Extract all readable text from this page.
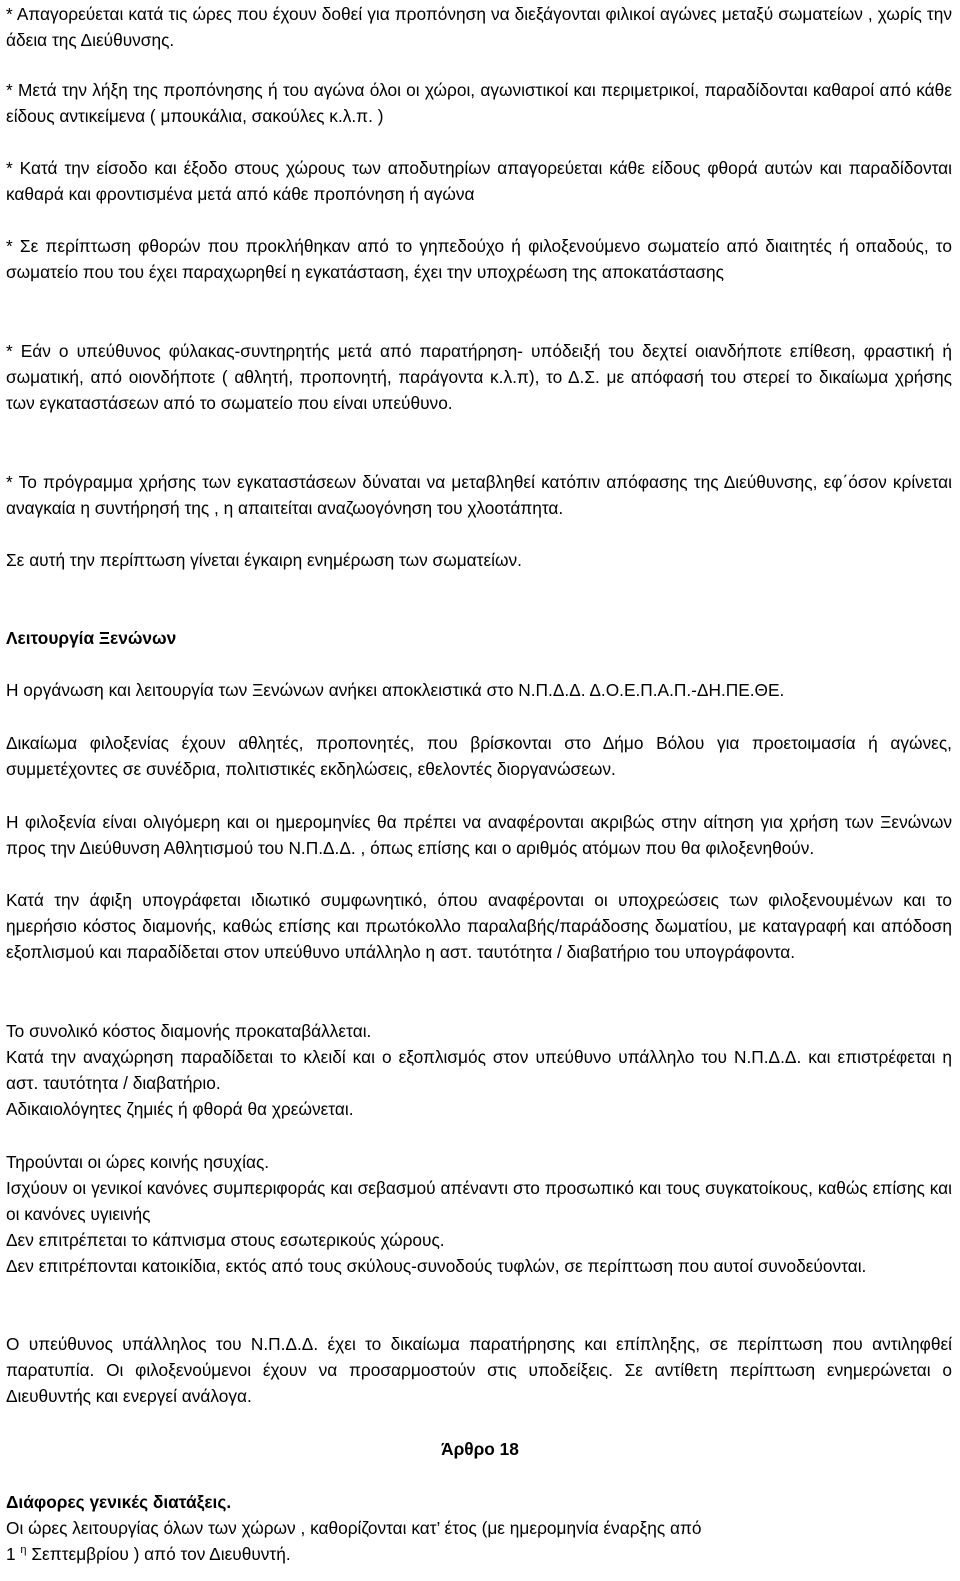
* Απαγορεύεται κατά τις ώρες που έχουν δοθεί για προπόνηση να διεξάγονται φιλικοί αγώνες μεταξύ σωματείων , χωρίς την άδεια της Διεύθυνσης.

* Μετά την λήξη της προπόνησης ή του αγώνα όλοι οι χώροι, αγωνιστικοί και περιμετρικοί, παραδίδονται καθαροί από κάθε είδους αντικείμενα ( μπουκάλια, σακούλες κ.λ.π. )

* Κατά την είσοδο και έξοδο στους χώρους των αποδυτηρίων απαγορεύεται κάθε είδους φθορά αυτών και παραδίδονται καθαρά και φροντισμένα μετά από κάθε προπόνηση ή αγώνα

* Σε περίπτωση φθορών που προκλήθηκαν από το γηπεδούχο ή φιλοξενούμενο σωματείο από διαιτητές ή οπαδούς, το σωματείο που του έχει παραχωρηθεί η εγκατάσταση, έχει την υποχρέωση της αποκατάστασης

* Εάν ο υπεύθυνος φύλακας-συντηρητής μετά από παρατήρηση- υπόδειξή του δεχτεί οιανδήποτε επίθεση, φραστική ή σωματική, από οιονδήποτε ( αθλητή, προπονητή, παράγοντα κ.λ.π), το Δ.Σ. με απόφασή του στερεί το δικαίωμα χρήσης των εγκαταστάσεων από το σωματείο που είναι υπεύθυνο.

* Το πρόγραμμα χρήσης των εγκαταστάσεων δύναται να μεταβληθεί κατόπιν απόφασης της Διεύθυνσης, εφ΄όσον κρίνεται αναγκαία η συντήρησή της , η απαιτείται αναζωογόνηση του χλοοτάπητα.

Σε αυτή την περίπτωση γίνεται έγκαιρη ενημέρωση των σωματείων.

Λειτουργία Ξενώνων

Η οργάνωση και λειτουργία των Ξενώνων ανήκει αποκλειστικά στο Ν.Π.Δ.Δ. Δ.Ο.Ε.Π.Α.Π.-ΔΗ.ΠΕ.ΘΕ.

Δικαίωμα φιλοξενίας έχουν αθλητές, προπονητές, που βρίσκονται στο Δήμο Βόλου για προετοιμασία ή αγώνες, συμμετέχοντες σε συνέδρια, πολιτιστικές εκδηλώσεις, εθελοντές διοργανώσεων.

Η φιλοξενία είναι ολιγόμερη και οι ημερομηνίες θα πρέπει να αναφέρονται ακριβώς στην αίτηση για χρήση των Ξενώνων προς την Διεύθυνση Αθλητισμού του Ν.Π.Δ.Δ. , όπως επίσης και ο αριθμός ατόμων που θα φιλοξενηθούν.

Κατά την άφιξη υπογράφεται ιδιωτικό συμφωνητικό, όπου αναφέρονται οι υποχρεώσεις των φιλοξενουμένων και το ημερήσιο κόστος διαμονής, καθώς επίσης και πρωτόκολλο παραλαβής/παράδοσης δωματίου, με καταγραφή και απόδοση εξοπλισμού και παραδίδεται στον υπεύθυνο υπάλληλο η αστ. ταυτότητα / διαβατήριο του υπογράφοντα.

Το συνολικό κόστος διαμονής προκαταβάλλεται.

Κατά την αναχώρηση παραδίδεται το κλειδί και ο εξοπλισμός στον υπεύθυνο υπάλληλο του Ν.Π.Δ.Δ. και επιστρέφεται η αστ. ταυτότητα / διαβατήριο.

Αδικαιολόγητες ζημιές ή φθορά θα χρεώνεται.

Τηρούνται οι ώρες κοινής ησυχίας.

Ισχύουν οι γενικοί κανόνες συμπεριφοράς και σεβασμού απέναντι στο προσωπικό και τους συγκατοίκους, καθώς επίσης και οι κανόνες υγιεινής

Δεν επιτρέπεται το κάπνισμα στους εσωτερικούς χώρους.

Δεν επιτρέπονται κατοικίδια, εκτός από τους σκύλους-συνοδούς τυφλών, σε περίπτωση που αυτοί συνοδεύονται.

Ο υπεύθυνος υπάλληλος του Ν.Π.Δ.Δ. έχει το δικαίωμα παρατήρησης και επίπληξης, σε περίπτωση που αντιληφθεί παρατυπία. Οι φιλοξενούμενοι έχουν να προσαρμοστούν στις υποδείξεις. Σε αντίθετη περίπτωση ενημερώνεται ο Διευθυντής και ενεργεί ανάλογα.

Άρθρο 18

Διάφορες γενικές διατάξεις.

Οι ώρες λειτουργίας όλων των χώρων , καθορίζονται κατ’ έτος (με ημερομηνία έναρξης από

1 $^\eta$ Σεπτεμβρίου ) από τον Διευθυντή.
